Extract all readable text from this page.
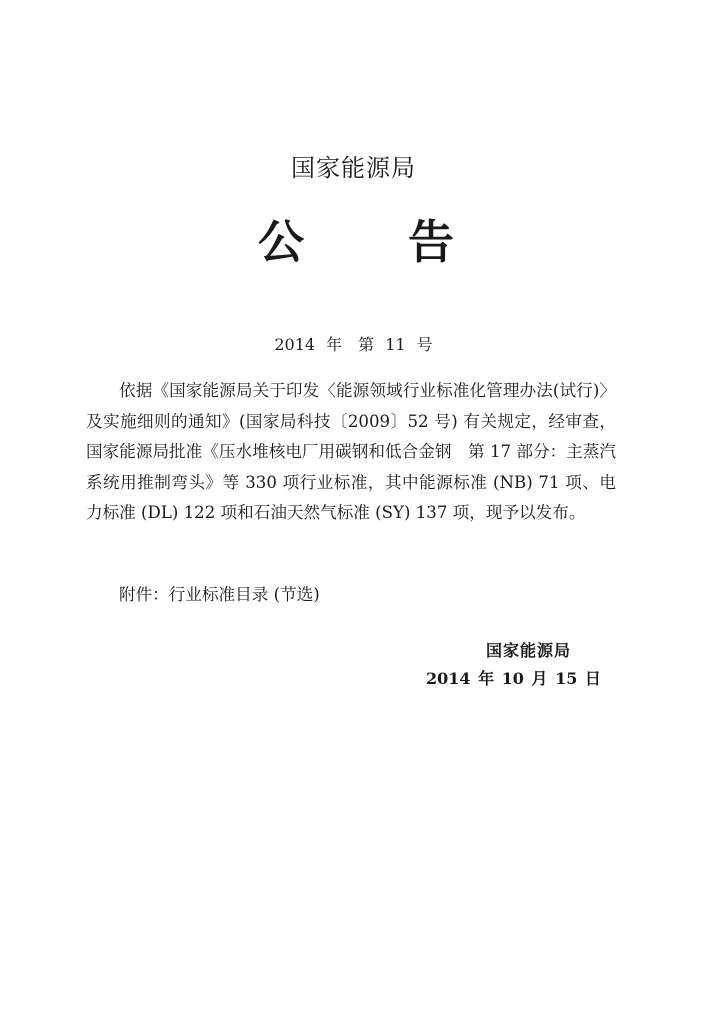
国家能源局
公 告
2014 年　第 11 号
依据《国家能源局关于印发〈能源领域行业标准化管理办法(试行)〉及实施细则的通知》(国家局科技〔2009〕52 号) 有关规定，经审查，国家能源局批准《压水堆核电厂用碳钢和低合金钢　第 17 部分：主蒸汽系统用推制弯头》等 330 项行业标准，其中能源标准 (NB) 71 项、电力标准 (DL) 122 项和石油天然气标准 (SY) 137 项，现予以发布。
附件：行业标准目录 (节选)
国家能源局
2014 年 10 月 15 日
